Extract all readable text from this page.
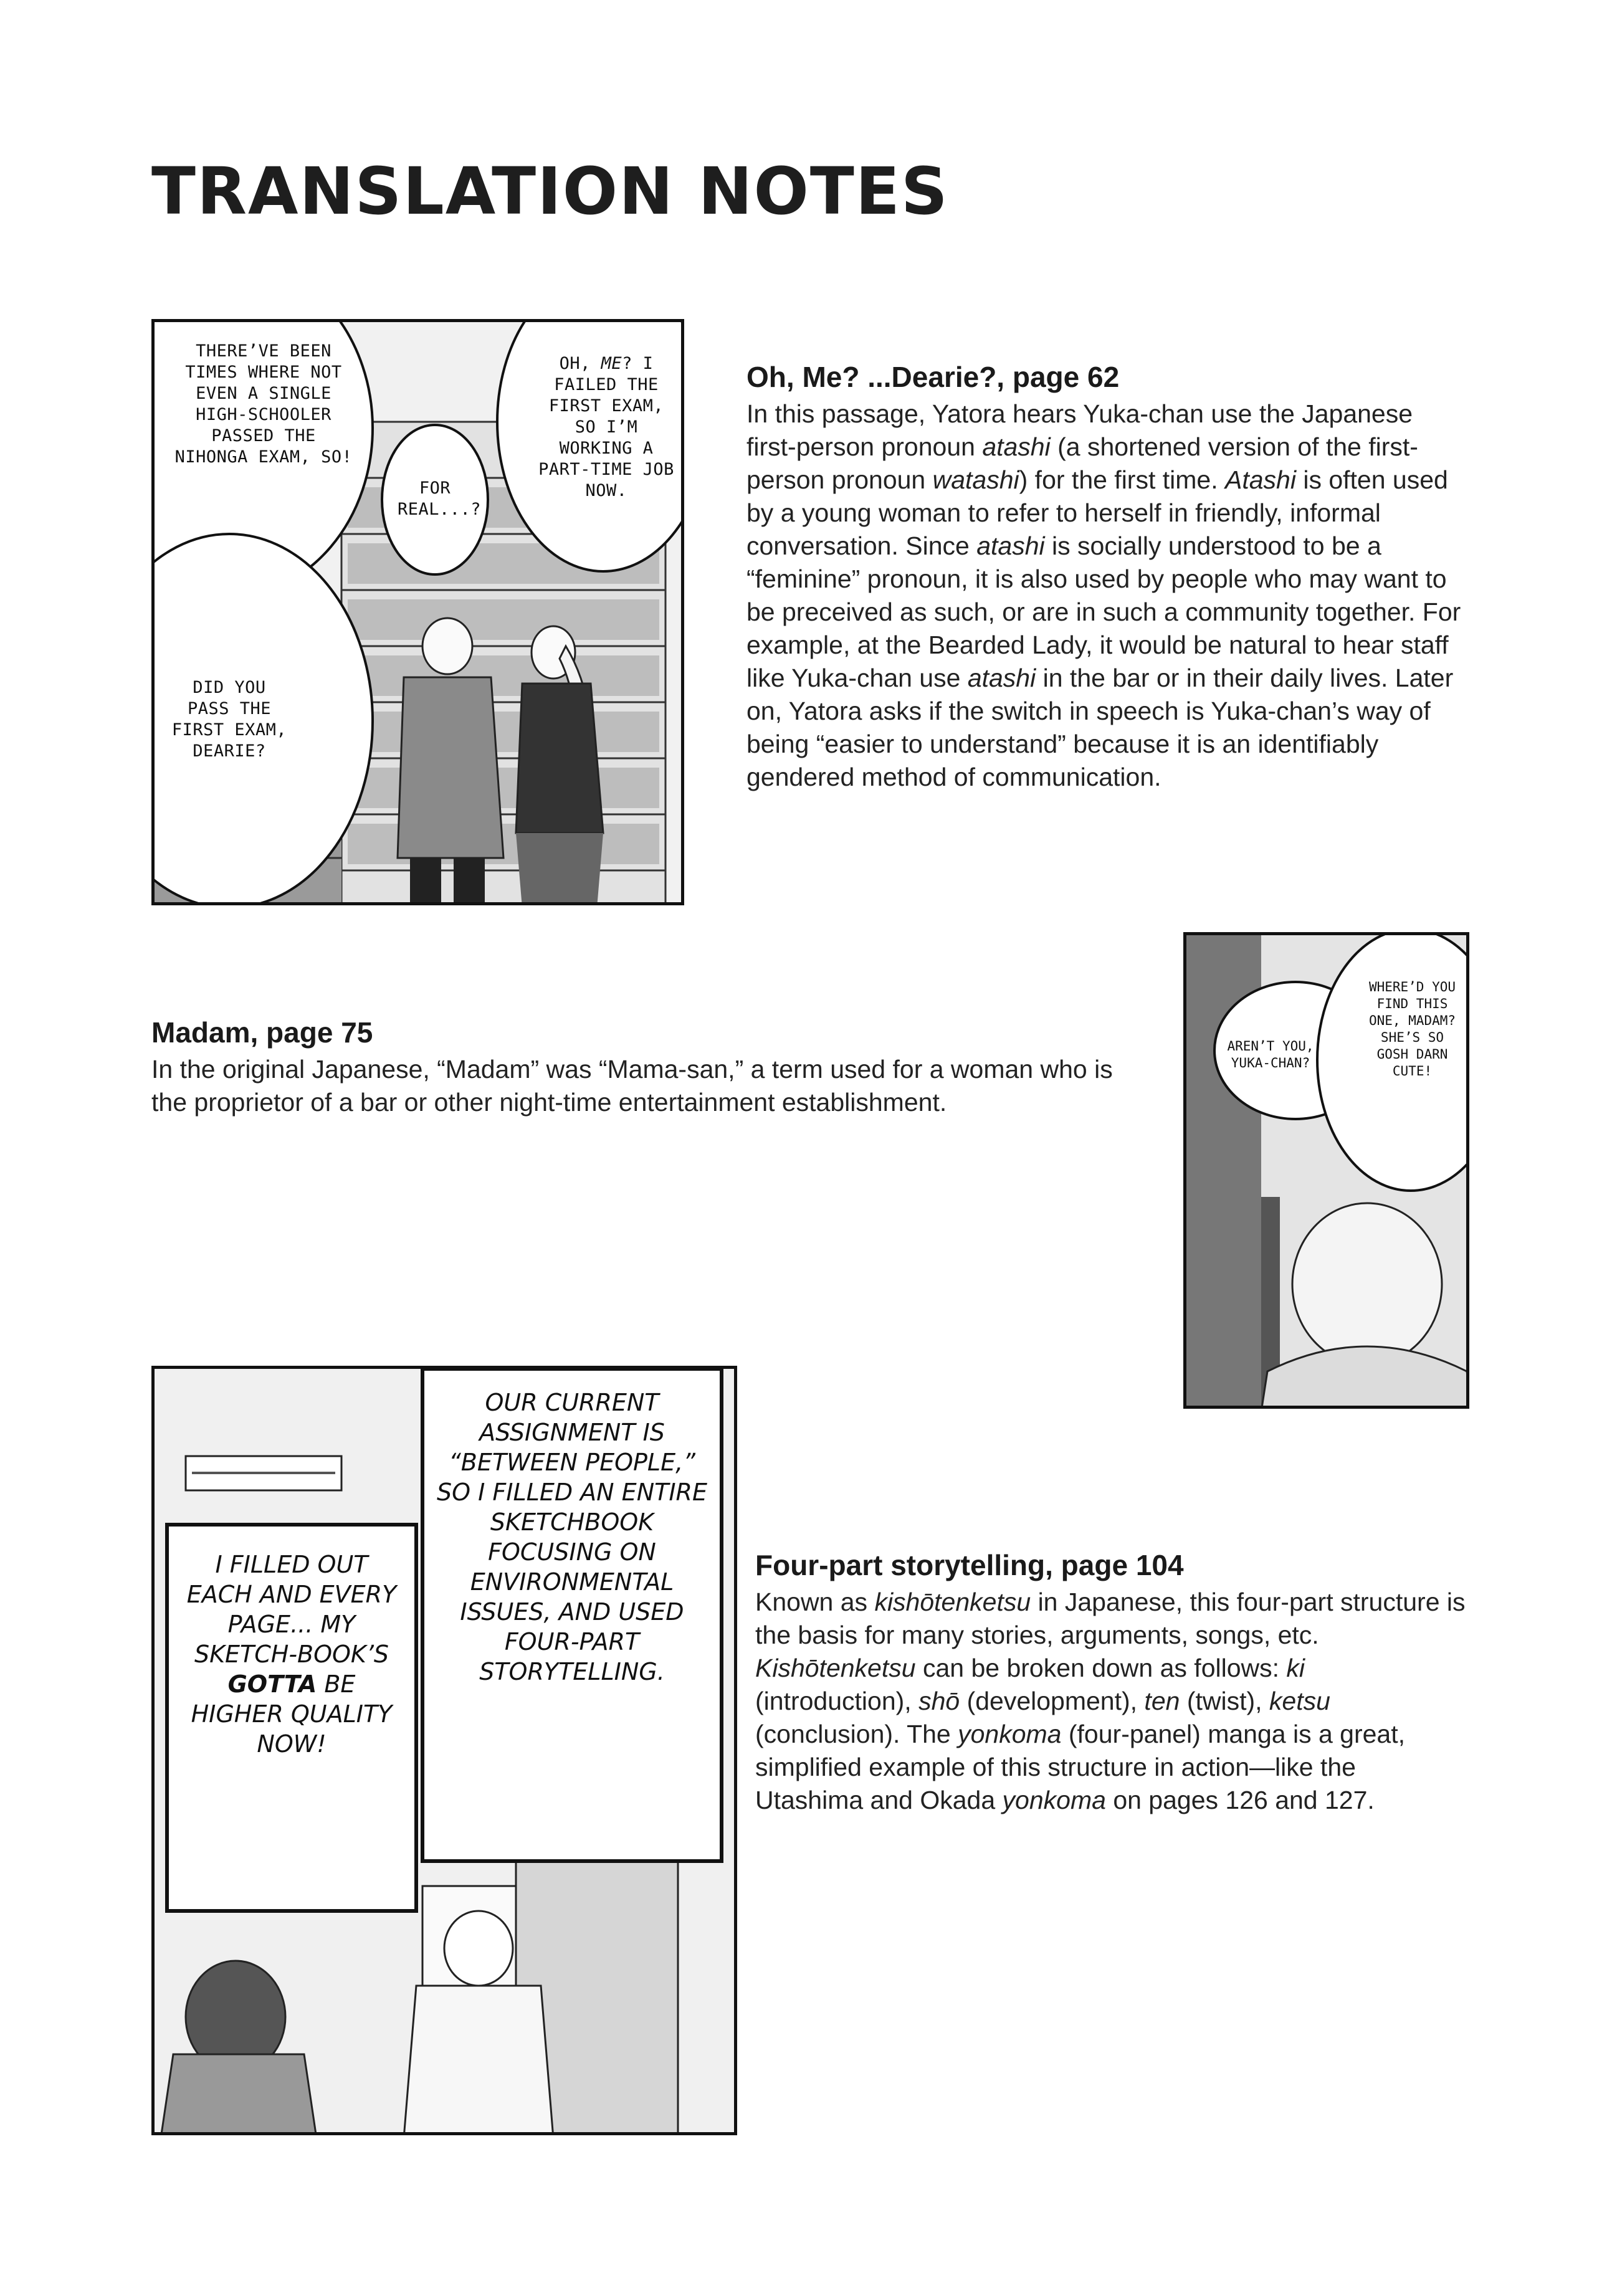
TRANSLATION NOTES
THERE’VE BEEN TIMES WHERE NOT EVEN A SINGLE HIGH-SCHOOLER PASSED THE NIHONGA EXAM, SO!
DID YOU PASS THE FIRST EXAM, DEARIE?
FOR REAL...?
OH, ME? I FAILED THE FIRST EXAM, SO I’M WORKING A PART-TIME JOB NOW.
Oh, Me? ...Dearie?, page 62

In this passage, Yatora hears Yuka-chan use the Japanese first-person pronoun atashi (a shortened version of the first-person pronoun watashi) for the first time. Atashi is often used by a young woman to refer to herself in friendly, informal conversation. Since atashi is socially understood to be a “feminine” pronoun, it is also used by people who may want to be preceived as such, or are in such a community together. For example, at the Bearded Lady, it would be natural to hear staff like Yuka-chan use atashi in the bar or in their daily lives. Later on, Yatora asks if the switch in speech is Yuka-chan’s way of being “easier to understand” because it is an identifiably gendered method of communication.

AREN’T YOU, YUKA-CHAN?
WHERE’D YOU FIND THIS ONE, MADAM? SHE’S SO GOSH DARN CUTE!
Madam, page 75

In the original Japanese, “Madam” was “Mama-san,” a term used for a woman who is the proprietor of a bar or other night-time entertainment establishment.

OUR CURRENT ASSIGNMENT IS “BETWEEN PEOPLE,” SO I FILLED AN ENTIRE SKETCHBOOK FOCUSING ON ENVIRONMENTAL ISSUES, AND USED FOUR-PART STORYTELLING.
I FILLED OUT EACH AND EVERY PAGE... MY SKETCH-BOOK’S GOTTA BE HIGHER QUALITY NOW!
Four-part storytelling, page 104

Known as kishōtenketsu in Japanese, this four-part structure is the basis for many stories, arguments, songs, etc. Kishōtenketsu can be broken down as follows: ki (introduction), shō (development), ten (twist), ketsu (conclusion). The yonkoma (four-panel) manga is a great, simplified example of this structure in action—like the Utashima and Okada yonkoma on pages 126 and 127.
